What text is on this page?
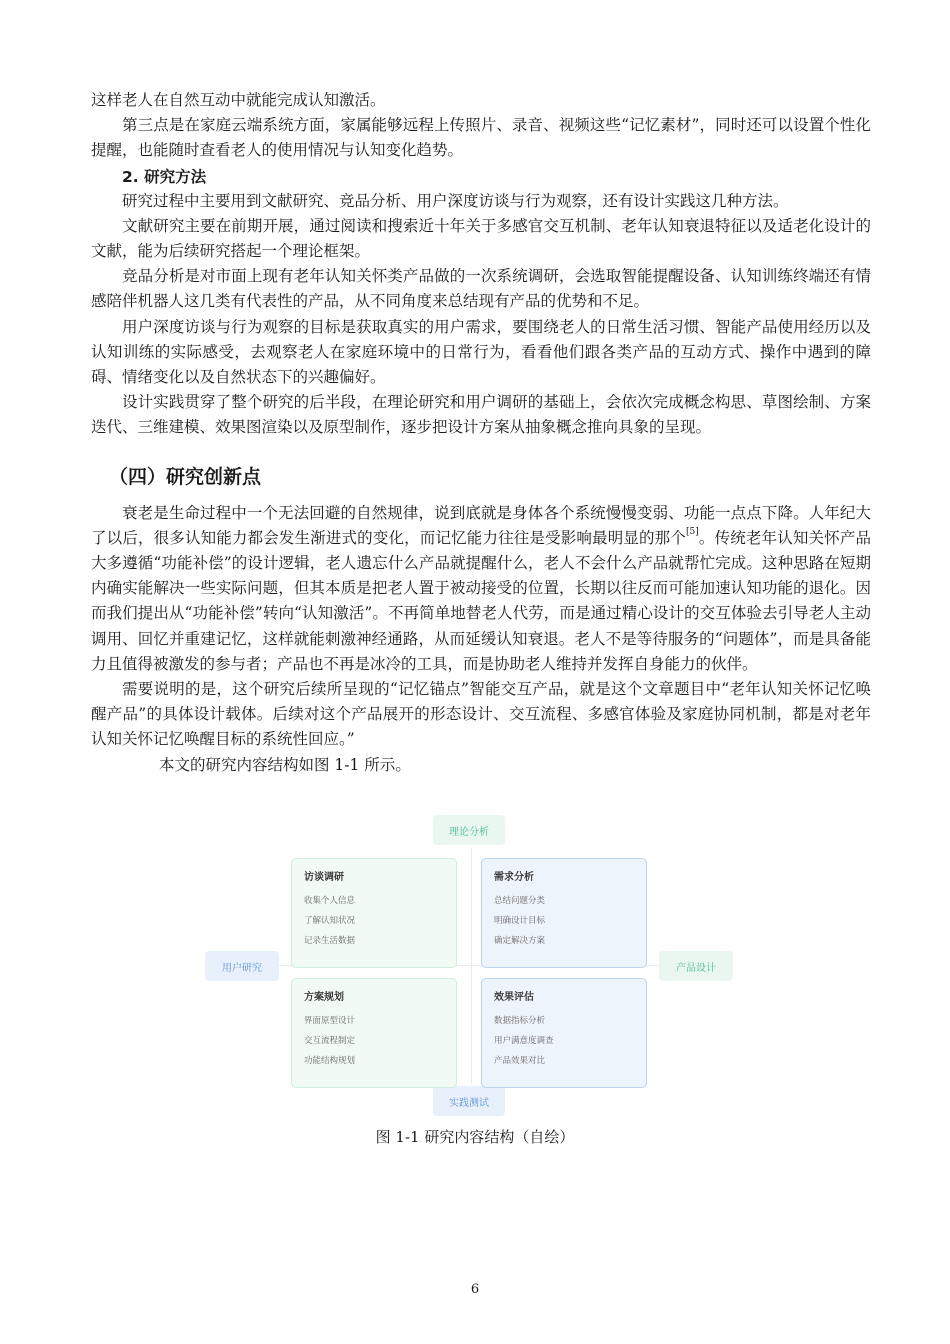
这样老人在自然互动中就能完成认知激活。

第三点是在家庭云端系统方面，家属能够远程上传照片、录音、视频这些“记忆素材”，同时还可以设置个性化提醒，也能随时查看老人的使用情况与认知变化趋势。

2. 研究方法

研究过程中主要用到文献研究、竞品分析、用户深度访谈与行为观察，还有设计实践这几种方法。

文献研究主要在前期开展，通过阅读和搜索近十年关于多感官交互机制、老年认知衰退特征以及适老化设计的文献，能为后续研究搭起一个理论框架。

竞品分析是对市面上现有老年认知关怀类产品做的一次系统调研，会选取智能提醒设备、认知训练终端还有情感陪伴机器人这几类有代表性的产品，从不同角度来总结现有产品的优势和不足。

用户深度访谈与行为观察的目标是获取真实的用户需求，要围绕老人的日常生活习惯、智能产品使用经历以及认知训练的实际感受，去观察老人在家庭环境中的日常行为，看看他们跟各类产品的互动方式、操作中遇到的障碍、情绪变化以及自然状态下的兴趣偏好。

设计实践贯穿了整个研究的后半段，在理论研究和用户调研的基础上，会依次完成概念构思、草图绘制、方案迭代、三维建模、效果图渲染以及原型制作，逐步把设计方案从抽象概念推向具象的呈现。

（四）研究创新点

衰老是生命过程中一个无法回避的自然规律，说到底就是身体各个系统慢慢变弱、功能一点点下降。人年纪大了以后，很多认知能力都会发生渐进式的变化，而记忆能力往往是受影响最明显的那个[5]。传统老年认知关怀产品大多遵循“功能补偿”的设计逻辑，老人遗忘什么产品就提醒什么，老人不会什么产品就帮忙完成。这种思路在短期内确实能解决一些实际问题，但其本质是把老人置于被动接受的位置，长期以往反而可能加速认知功能的退化。因而我们提出从“功能补偿”转向“认知激活”。不再简单地替老人代劳，而是通过精心设计的交互体验去引导老人主动调用、回忆并重建记忆，这样就能刺激神经通路，从而延缓认知衰退。老人不是等待服务的“问题体”，而是具备能力且值得被激发的参与者；产品也不再是冰冷的工具，而是协助老人维持并发挥自身能力的伙伴。

需要说明的是，这个研究后续所呈现的“记忆锚点”智能交互产品，就是这个文章题目中“老年认知关怀记忆唤醒产品”的具体设计载体。后续对这个产品展开的形态设计、交互流程、多感官体验及家庭协同机制，都是对老年认知关怀记忆唤醒目标的系统性回应。”

本文的研究内容结构如图 1-1 所示。

理论分析
用户研究	产品设计
实践测试
访谈调研
收集个人信息
了解认知状况
记录生活数据
需求分析
总结问题分类
明确设计目标
确定解决方案
方案规划
界面原型设计
交互流程制定
功能结构规划
效果评估
数据指标分析
用户满意度调查
产品效果对比
图 1-1 研究内容结构（自绘）
6
